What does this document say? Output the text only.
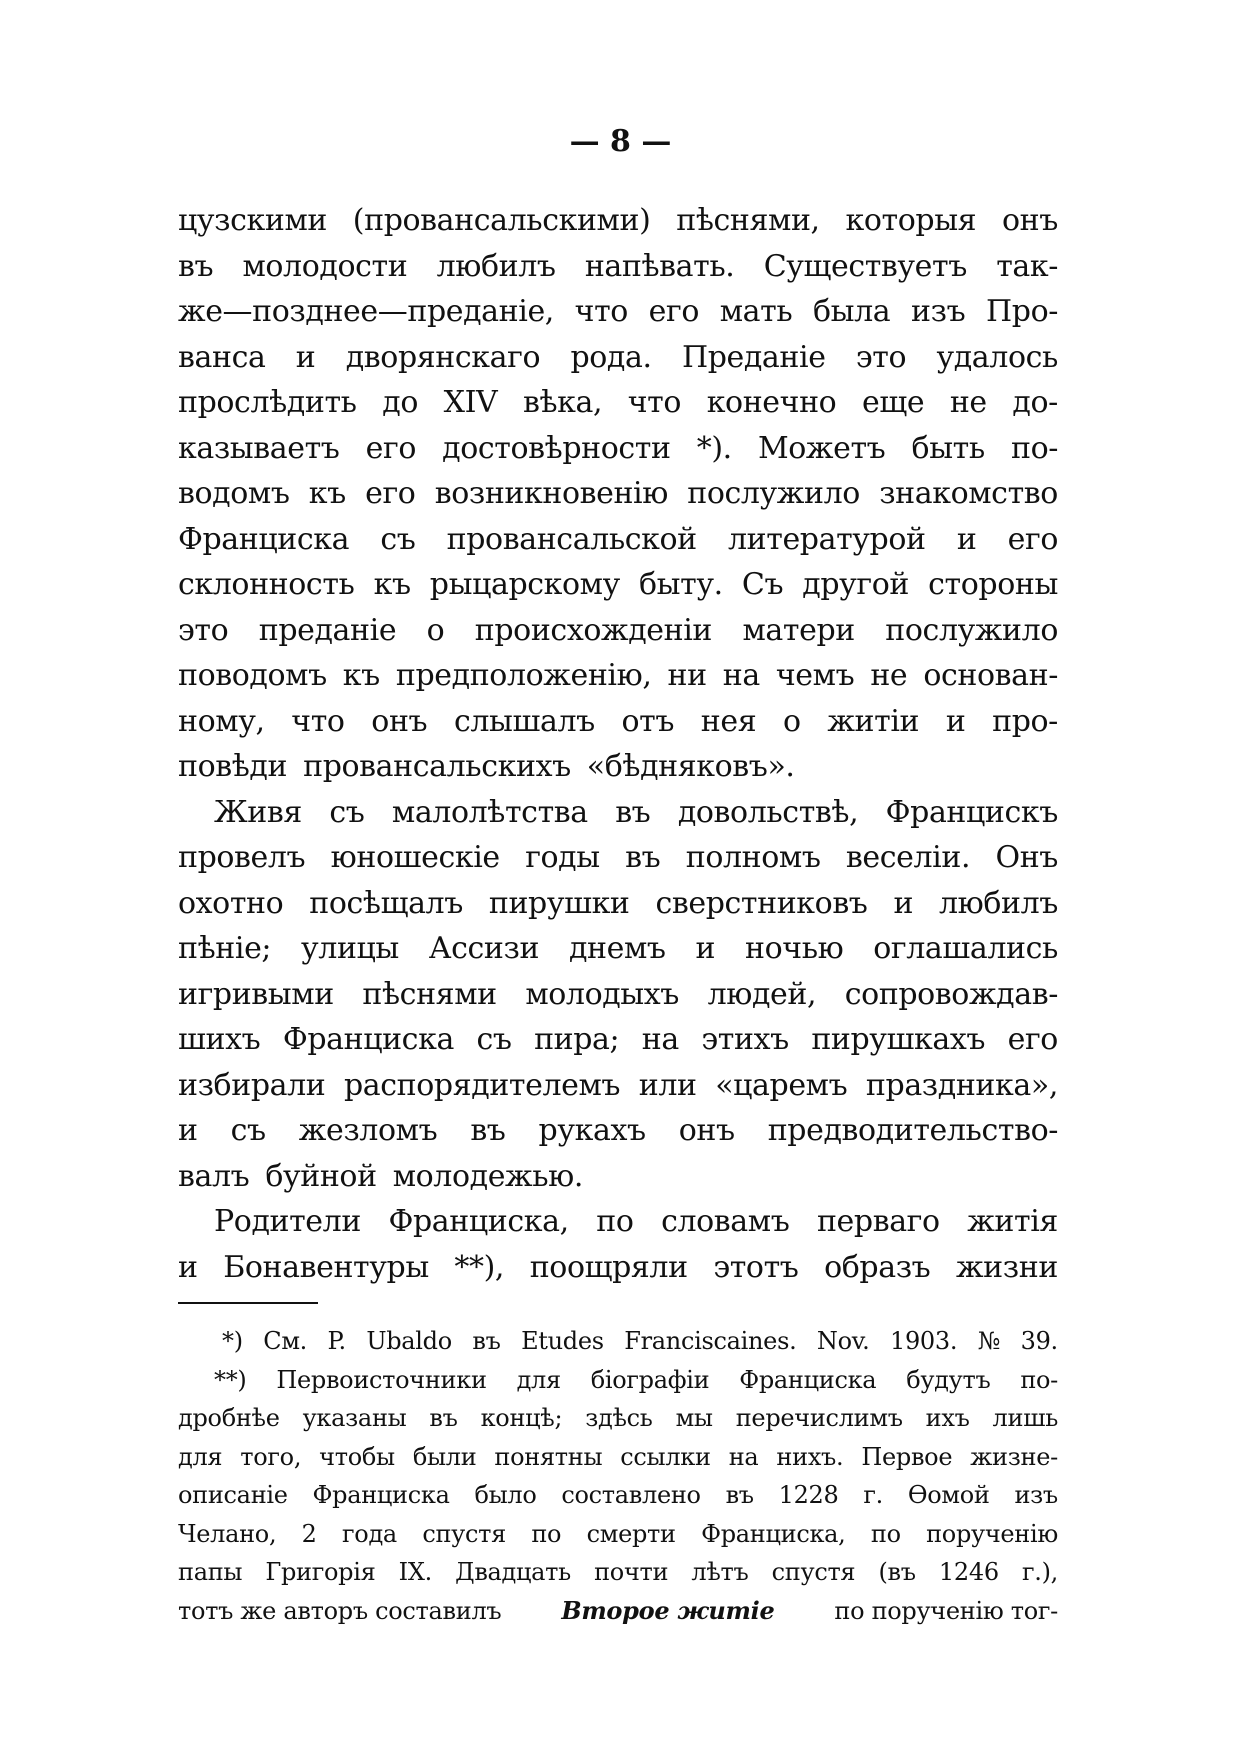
— 8 —
цузскими (провансальскими) пѣснями, которыя онъ
въ молодости любилъ напѣвать. Существуетъ так-
же—позднее—преданіе, что его мать была изъ Про-
ванса и дворянскаго рода. Преданіе это удалось
прослѣдить до XIV вѣка, что конечно еще не до-
казываетъ его достовѣрности *). Можетъ быть по-
водомъ къ его возникновенію послужило знакомство
Франциска съ провансальской литературой и его
склонность къ рыцарскому быту. Съ другой стороны
это преданіе о происхожденіи матери послужило
поводомъ къ предположенію, ни на чемъ не основан-
ному, что онъ слышалъ отъ нея о житіи и про-
повѣди провансальскихъ «бѣдняковъ».
Живя съ малолѣтства въ довольствѣ, Францискъ
провелъ юношескіе годы въ полномъ веселіи. Онъ
охотно посѣщалъ пирушки сверстниковъ и любилъ
пѣніе; улицы Ассизи днемъ и ночью оглашались
игривыми пѣснями молодыхъ людей, сопровождав-
шихъ Франциска съ пира; на этихъ пирушкахъ его
избирали распорядителемъ или «царемъ праздника»,
и съ жезломъ въ рукахъ онъ предводительство-
валъ буйной молодежью.
Родители Франциска, по словамъ перваго житія
и Бонавентуры **), поощряли этотъ образъ жизни
*) См. P. Ubaldo въ Etudes Franciscaines. Nov. 1903. № 39.
**) Первоисточники для біографіи Франциска будутъ по-
дробнѣе указаны въ концѣ; здѣсь мы перечислимъ ихъ лишь
для того, чтобы были понятны ссылки на нихъ. Первое жизне-
описаніе Франциска было составлено въ 1228 г. Ѳомой изъ
Челано, 2 года спустя по смерти Франциска, по порученію
папы Григорія IX. Двадцать почти лѣтъ спустя (въ 1246 г.),
тотъ же авторъ составилъ Второе житіе по порученію тог-
